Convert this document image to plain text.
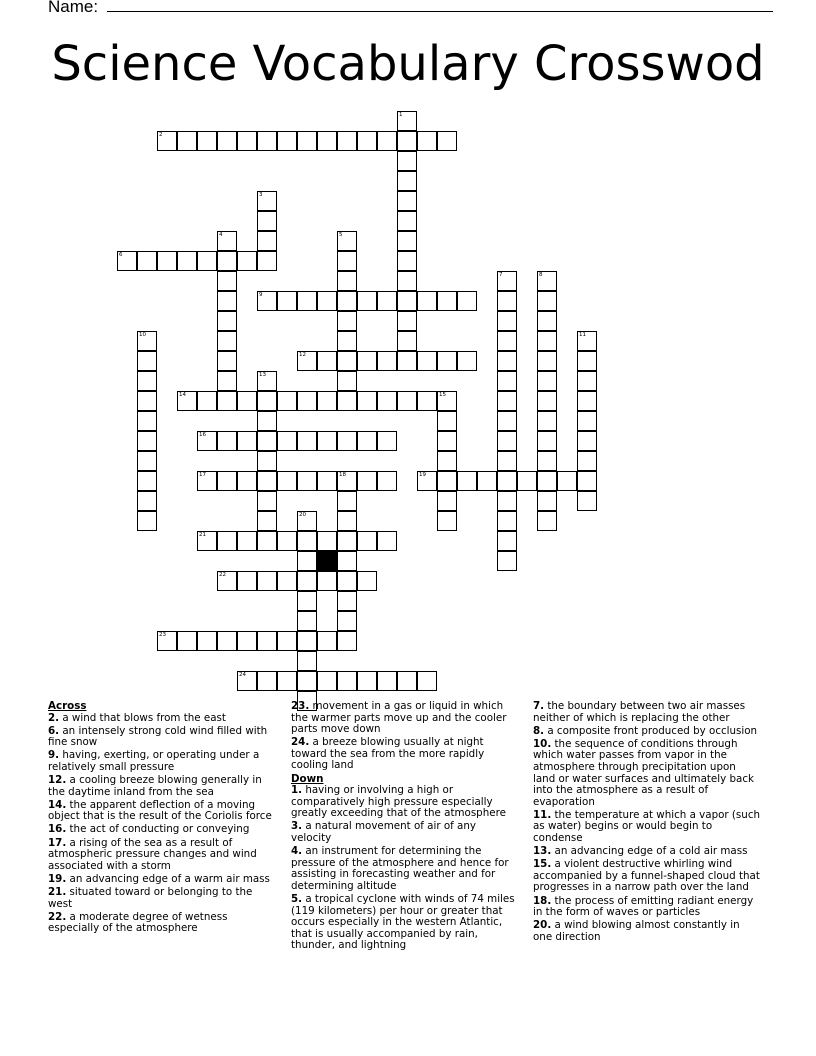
Name:
Science Vocabulary Crosswod
2
6
9
12
14	15
16
17	18	19
21
22
23
24
1
3
4	5
7	8
10	11
13
20
Across
2. a wind that blows from the east
6. an intensely strong cold wind filled with fine snow
9. having, exerting, or operating under a relatively small pressure
12. a cooling breeze blowing generally in the daytime inland from the sea
14. the apparent deflection of a moving object that is the result of the Coriolis force
16. the act of conducting or conveying
17. a rising of the sea as a result of atmospheric pressure changes and wind associated with a storm
19. an advancing edge of a warm air mass
21. situated toward or belonging to the west
22. a moderate degree of wetness especially of the atmosphere
23. movement in a gas or liquid in which the warmer parts move up and the cooler parts move down
24. a breeze blowing usually at night toward the sea from the more rapidly cooling land
Down
1. having or involving a high or comparatively high pressure especially greatly exceeding that of the atmosphere
3. a natural movement of air of any velocity
4. an instrument for determining the pressure of the atmosphere and hence for assisting in forecasting weather and for determining altitude
5. a tropical cyclone with winds of 74 miles (119 kilometers) per hour or greater that occurs especially in the western Atlantic, that is usually accompanied by rain, thunder, and lightning
7. the boundary between two air masses neither of which is replacing the other
8. a composite front produced by occlusion
10. the sequence of conditions through which water passes from vapor in the atmosphere through precipitation upon land or water surfaces and ultimately back into the atmosphere as a result of evaporation
11. the temperature at which a vapor (such as water) begins or would begin to condense
13. an advancing edge of a cold air mass
15. a violent destructive whirling wind accompanied by a funnel-shaped cloud that progresses in a narrow path over the land
18. the process of emitting radiant energy in the form of waves or particles
20. a wind blowing almost constantly in one direction
